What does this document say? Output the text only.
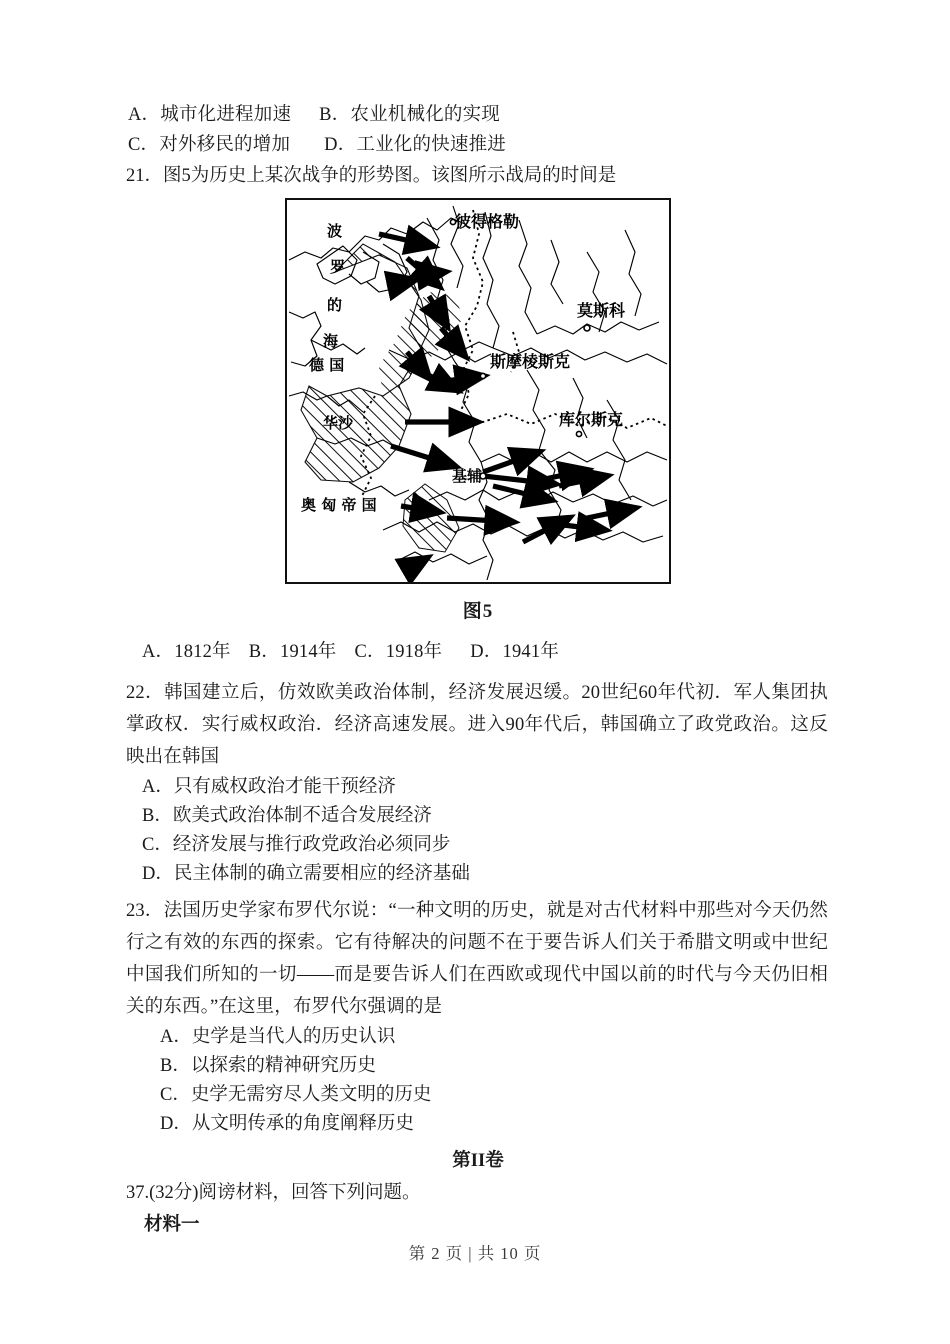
A．城市化进程加速 B．农业机械化的实现
C．对外移民的增加 D．工业化的快速推进
21．图5为历史上某次战争的形势图。该图所示战局的时间是
波
罗
的
海
彼得格勒
莫斯科
斯摩棱斯克
库尔斯克
德 国
华沙
基辅
奥 匈 帝 国
图5
A．1812年 B．1914年 C．1918年 D．1941年
22．韩国建立后，仿效欧美政治体制，经济发展迟缓。20世纪60年代初．军人集团执掌政权．实行威权政治．经济高速发展。进入90年代后，韩国确立了政党政治。这反映出在韩国
A．只有威权政治才能干预经济
B．欧美式政治体制不适合发展经济
C．经济发展与推行政党政治必须同步
D．民主体制的确立需要相应的经济基础
23．法国历史学家布罗代尔说：“一种文明的历史，就是对古代材料中那些对今天仍然行之有效的东西的探索。它有待解决的问题不在于要告诉人们关于希腊文明或中世纪中国我们所知的一切——而是要告诉人们在西欧或现代中国以前的时代与今天仍旧相关的东西。”在这里，布罗代尔强调的是
A．史学是当代人的历史认识
B．以探索的精神研究历史
C．史学无需穷尽人类文明的历史
D．从文明传承的角度阐释历史
第II卷
37.(32分)阅谤材料，回答下列问题。
材料一
第 2 页 | 共 10 页
